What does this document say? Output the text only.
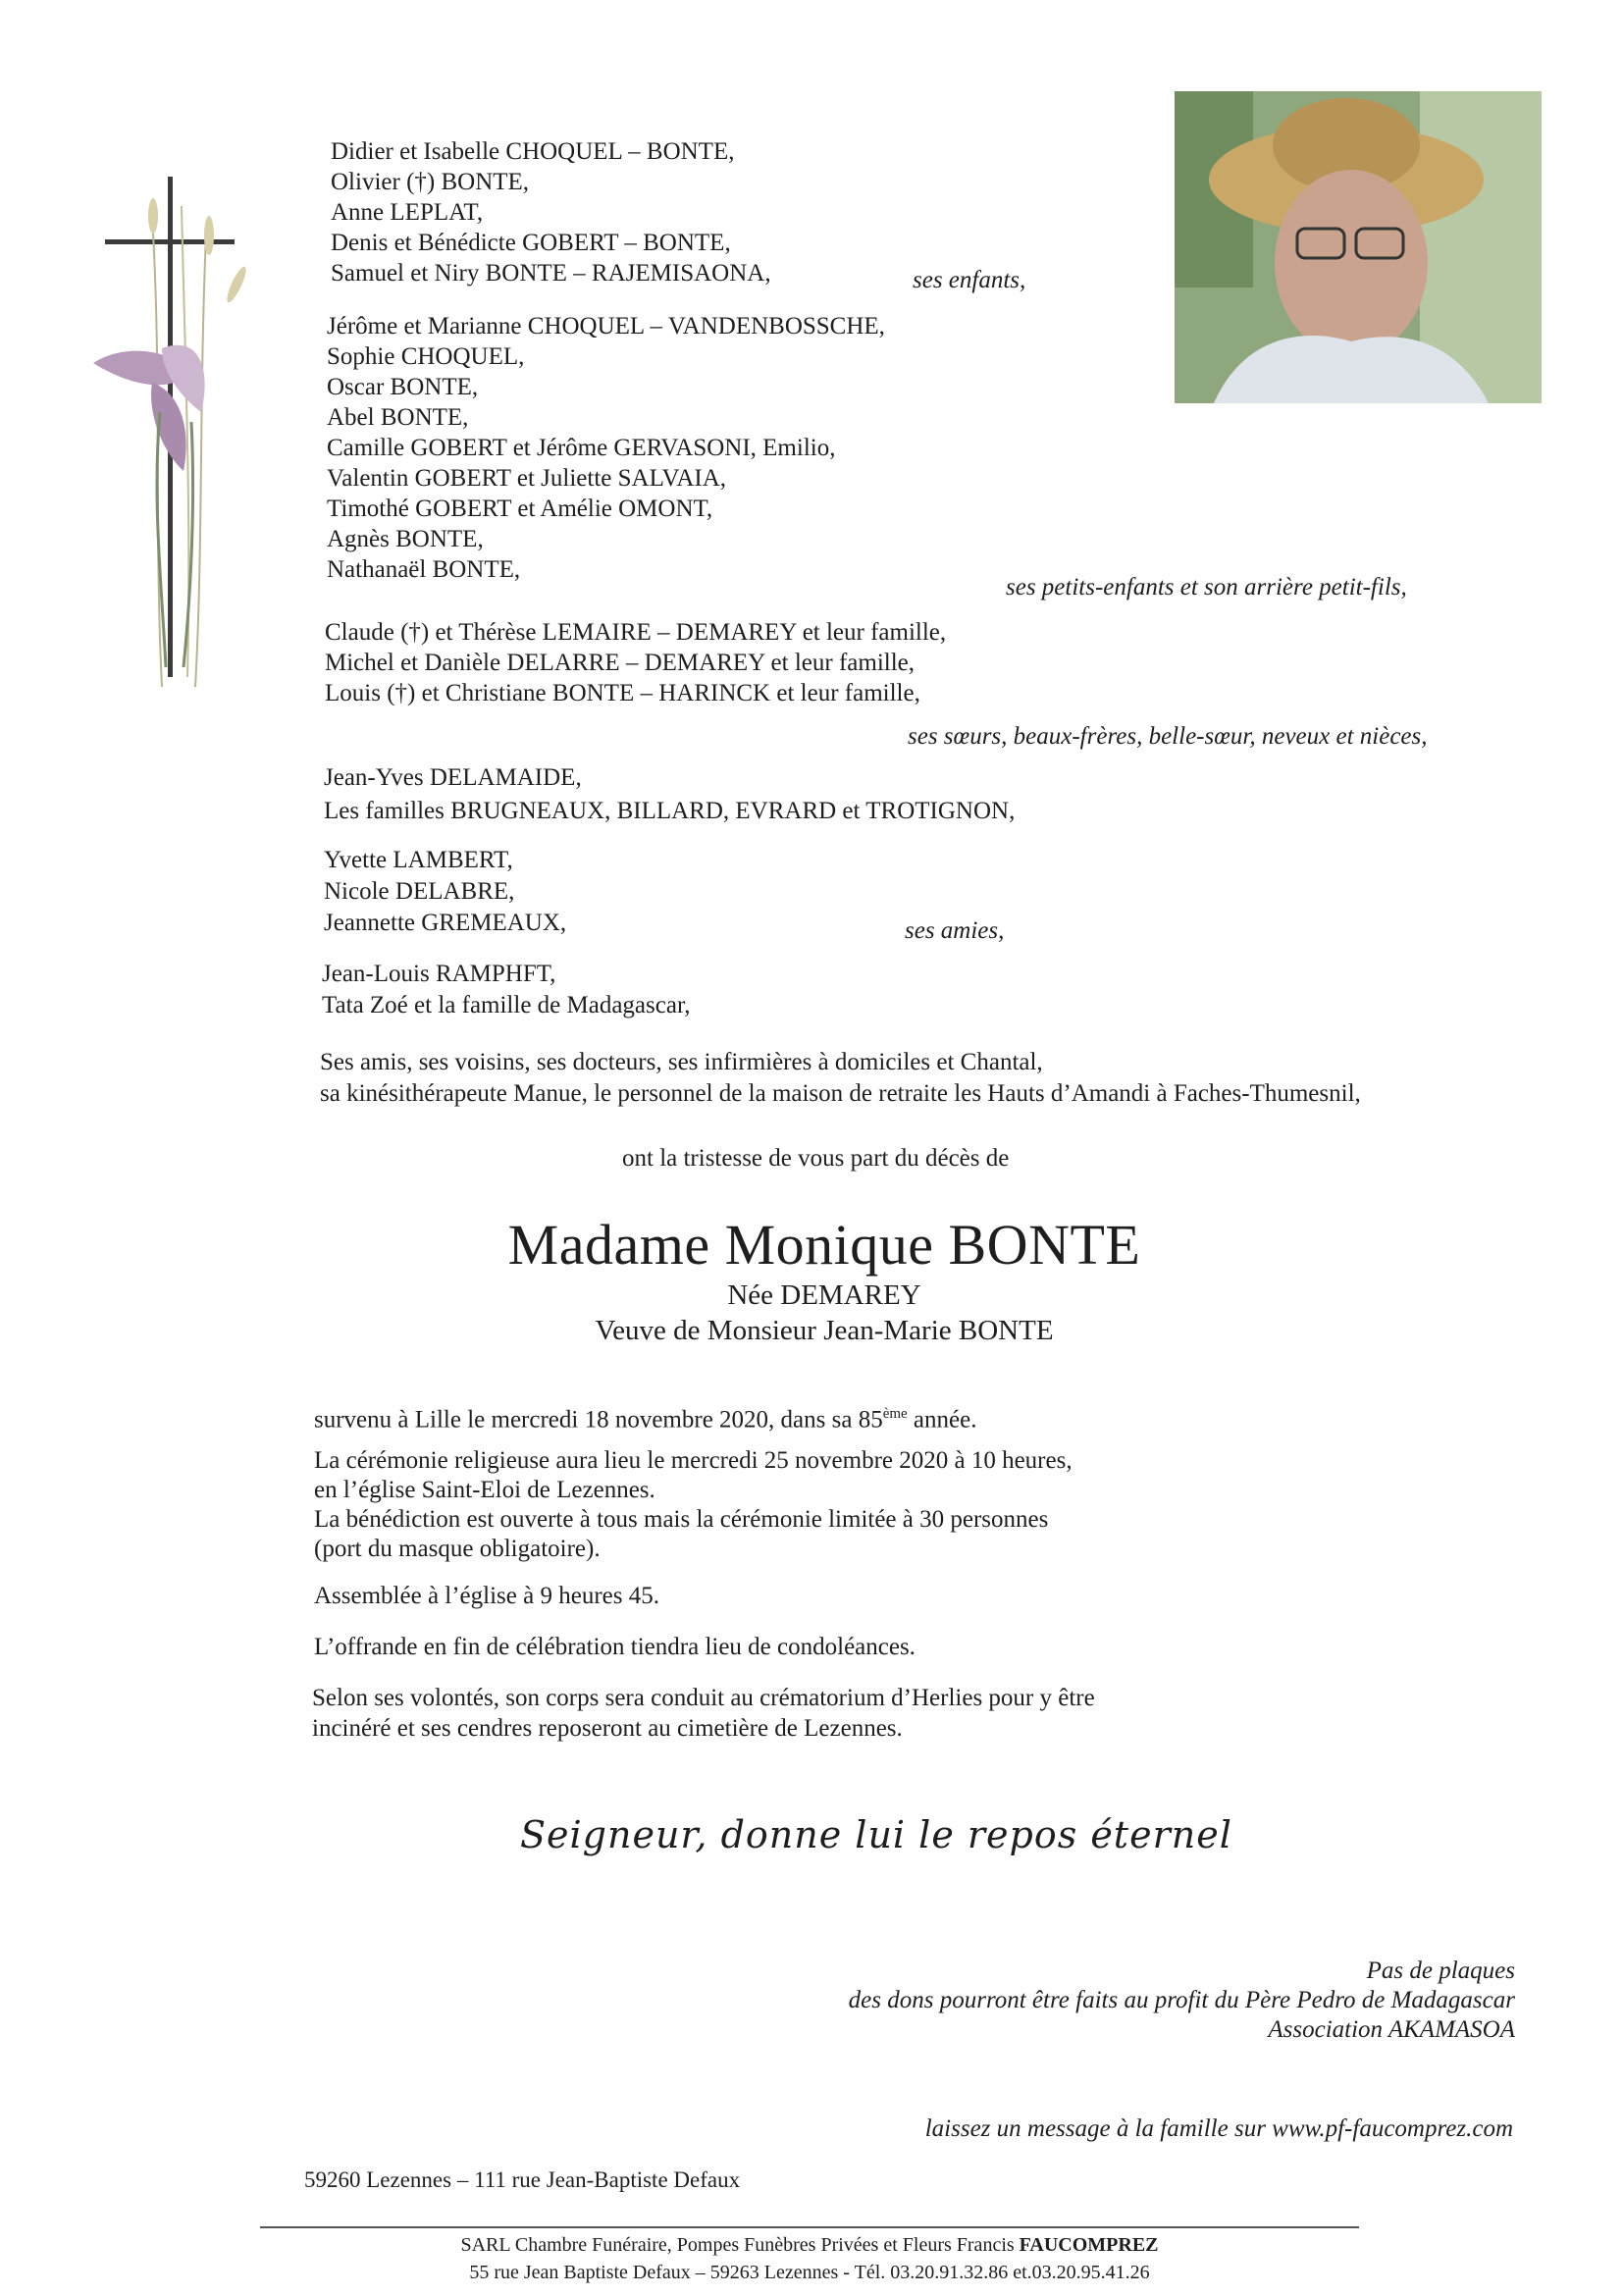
Didier et Isabelle CHOQUEL – BONTE,
Olivier (†) BONTE,
Anne LEPLAT,
Denis et Bénédicte GOBERT – BONTE,
Samuel et Niry BONTE – RAJEMISAONA,	ses enfants,
Jérôme et Marianne CHOQUEL – VANDENBOSSCHE,
Sophie CHOQUEL,
Oscar BONTE,
Abel BONTE,
Camille GOBERT et Jérôme GERVASONI, Emilio,
Valentin GOBERT et Juliette SALVAIA,
Timothé GOBERT et Amélie OMONT,
Agnès BONTE,
Nathanaël BONTE,
ses petits-enfants et son arrière petit-fils,
Claude (†) et Thérèse LEMAIRE – DEMAREY et leur famille,
Michel et Danièle DELARRE – DEMAREY et leur famille,
Louis (†) et Christiane BONTE – HARINCK et leur famille,
ses sœurs, beaux-frères, belle-sœur, neveux et nièces,
Jean-Yves DELAMAIDE,
Les familles BRUGNEAUX, BILLARD, EVRARD et TROTIGNON,
Yvette LAMBERT,
Nicole DELABRE,
Jeannette GREMEAUX,	ses amies,
Jean-Louis RAMPHFT,
Tata Zoé et la famille de Madagascar,
Ses amis, ses voisins, ses docteurs, ses infirmières à domiciles et Chantal,
sa kinésithérapeute Manue, le personnel de la maison de retraite les Hauts d’Amandi à Faches-Thumesnil,
ont la tristesse de vous part du décès de
Madame Monique BONTE
Née DEMAREY
Veuve de Monsieur Jean-Marie BONTE
survenu à Lille le mercredi 18 novembre 2020, dans sa 85ème année.
La cérémonie religieuse aura lieu le mercredi 25 novembre 2020 à 10 heures,
en l’église Saint-Eloi de Lezennes.
La bénédiction est ouverte à tous mais la cérémonie limitée à 30 personnes
(port du masque obligatoire).
Assemblée à l’église à 9 heures 45.
L’offrande en fin de célébration tiendra lieu de condoléances.
Selon ses volontés, son corps sera conduit au crématorium d’Herlies pour y être
incinéré et ses cendres reposeront au cimetière de Lezennes.
Seigneur, donne lui le repos éternel
Pas de plaques
des dons pourront être faits au profit du Père Pedro de Madagascar
Association AKAMASOA
laissez un message à la famille sur www.pf-faucomprez.com
59260 Lezennes – 111 rue Jean-Baptiste Defaux
SARL Chambre Funéraire, Pompes Funèbres Privées et Fleurs Francis FAUCOMPREZ
55 rue Jean Baptiste Defaux – 59263 Lezennes - Tél. 03.20.91.32.86 et.03.20.95.41.26
